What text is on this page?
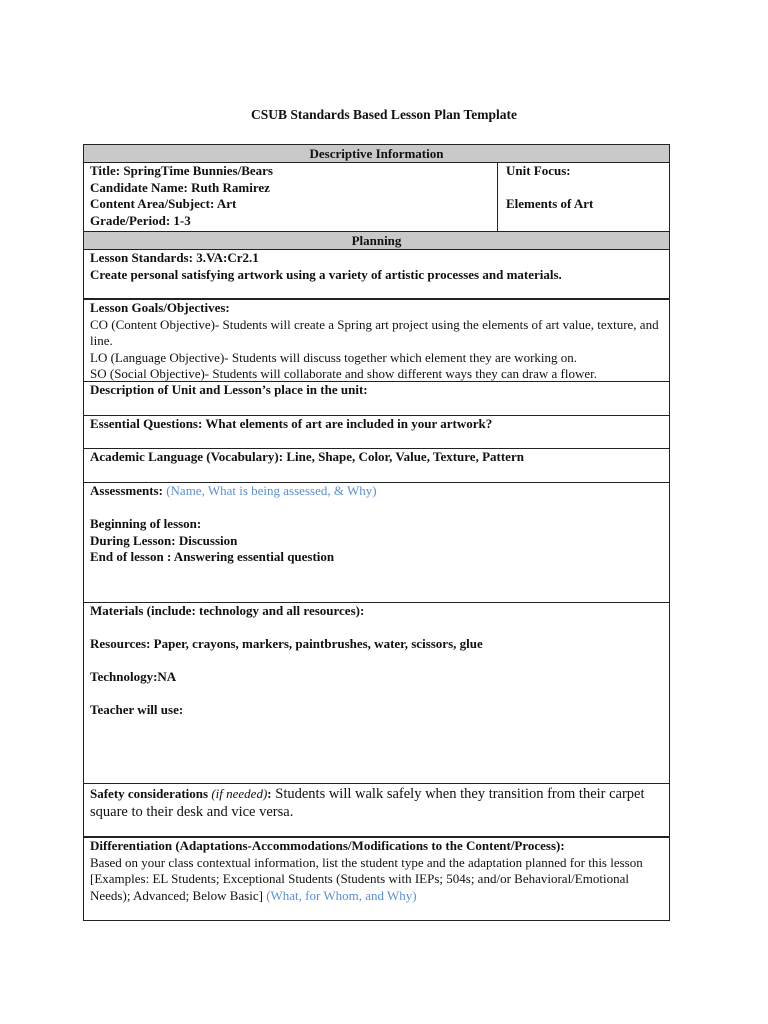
CSUB Standards Based Lesson Plan Template
Descriptive Information
Title: SpringTime Bunnies/Bears
Candidate Name: Ruth Ramirez
Content Area/Subject: Art
Grade/Period: 1-3
Unit Focus:
Elements of Art
Planning
Lesson Standards: 3.VA:Cr2.1
Create personal satisfying artwork using a variety of artistic processes and materials.
Lesson Goals/Objectives:
CO (Content Objective)- Students will create a Spring art project using the elements of art value, texture, and line.
LO (Language Objective)- Students will discuss together which element they are working on.
SO (Social Objective)- Students will collaborate and show different ways they can draw a flower.
Description of Unit and Lesson’s place in the unit:
Essential Questions: What elements of art are included in your artwork?
Academic Language (Vocabulary): Line, Shape, Color, Value, Texture, Pattern
Assessments: (Name, What is being assessed, & Why)
Beginning of lesson:
During Lesson: Discussion
End of lesson : Answering essential question
Materials (include: technology and all resources):
Resources: Paper, crayons, markers, paintbrushes, water, scissors, glue
Technology:NA
Teacher will use:
Safety considerations (if needed): Students will walk safely when they transition from their carpet square to their desk and vice versa.
Differentiation (Adaptations-Accommodations/Modifications to the Content/Process):
Based on your class contextual information, list the student type and the adaptation planned for this lesson
[Examples: EL Students; Exceptional Students (Students with IEPs; 504s; and/or Behavioral/Emotional Needs); Advanced; Below Basic] (What, for Whom, and Why)
